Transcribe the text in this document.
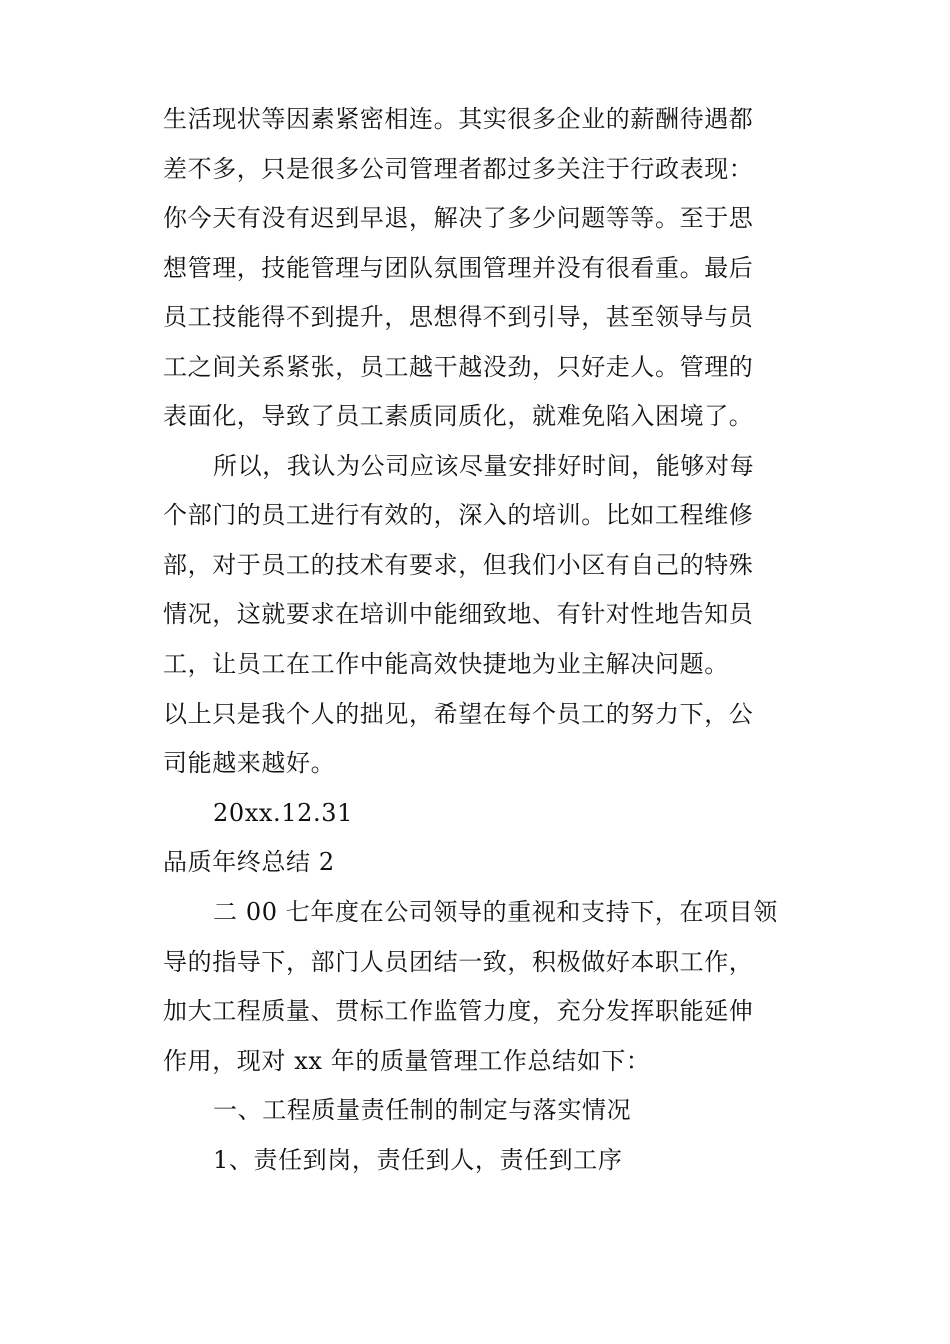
生活现状等因素紧密相连。其实很多企业的薪酬待遇都
差不多，只是很多公司管理者都过多关注于行政表现：
你今天有没有迟到早退，解决了多少问题等等。至于思
想管理，技能管理与团队氛围管理并没有很看重。最后
员工技能得不到提升，思想得不到引导，甚至领导与员
工之间关系紧张，员工越干越没劲，只好走人。管理的
表面化，导致了员工素质同质化，就难免陷入困境了。
所以，我认为公司应该尽量安排好时间，能够对每
个部门的员工进行有效的，深入的培训。比如工程维修
部，对于员工的技术有要求，但我们小区有自己的特殊
情况，这就要求在培训中能细致地、有针对性地告知员
工，让员工在工作中能高效快捷地为业主解决问题。
以上只是我个人的拙见，希望在每个员工的努力下，公
司能越来越好。
20xx.12.31
品质年终总结 2
二 00 七年度在公司领导的重视和支持下，在项目领
导的指导下，部门人员团结一致，积极做好本职工作，
加大工程质量、贯标工作监管力度，充分发挥职能延伸
作用，现对 xx 年的质量管理工作总结如下：
一、工程质量责任制的制定与落实情况
1、责任到岗，责任到人，责任到工序
